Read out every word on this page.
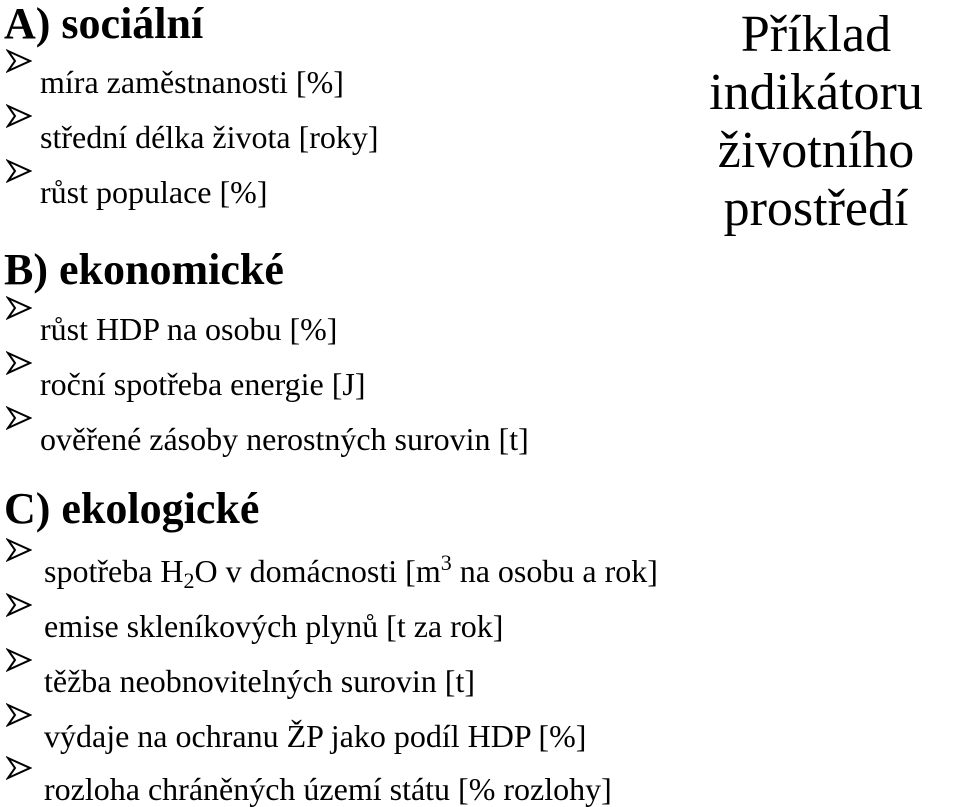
Příklad
indikátoru
životního
prostředí
A) sociální
míra zaměstnanosti [%]
střední délka života [roky]
růst populace [%]
B) ekonomické
růst HDP na osobu [%]
roční spotřeba energie [J]
ověřené zásoby nerostných surovin [t]
C) ekologické
spotřeba $H_2O$ v domácnosti [$m^3$ na osobu a rok]
emise skleníkových plynů [t za rok]
těžba neobnovitelných surovin [t]
výdaje na ochranu ŽP jako podíl HDP [%]
rozloha chráněných území státu [% rozlohy]
